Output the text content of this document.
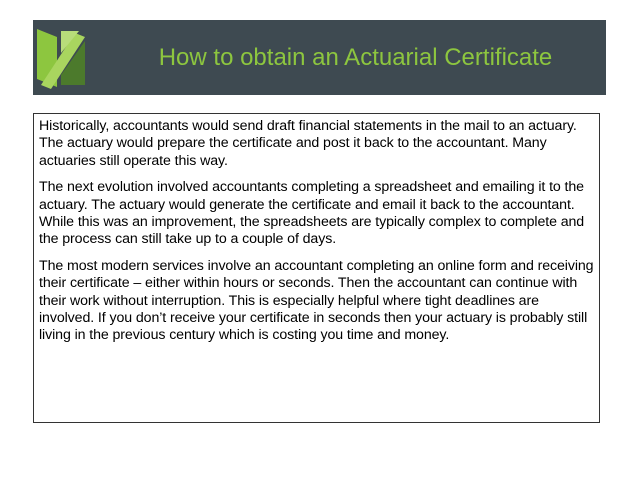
How to obtain an Actuarial Certificate

Historically, accountants would send draft financial statements in the mail to an actuary. The actuary would prepare the certificate and post it back to the accountant. Many actuaries still operate this way.

The next evolution involved accountants completing a spreadsheet and emailing it to the actuary. The actuary would generate the certificate and email it back to the accountant. While this was an improvement, the spreadsheets are typically complex to complete and the process can still take up to a couple of days.

The most modern services involve an accountant completing an online form and receiving their certificate – either within hours or seconds. Then the accountant can continue with their work without interruption. This is especially helpful where tight deadlines are involved. If you don’t receive your certificate in seconds then your actuary is probably still living in the previous century which is costing you time and money.
